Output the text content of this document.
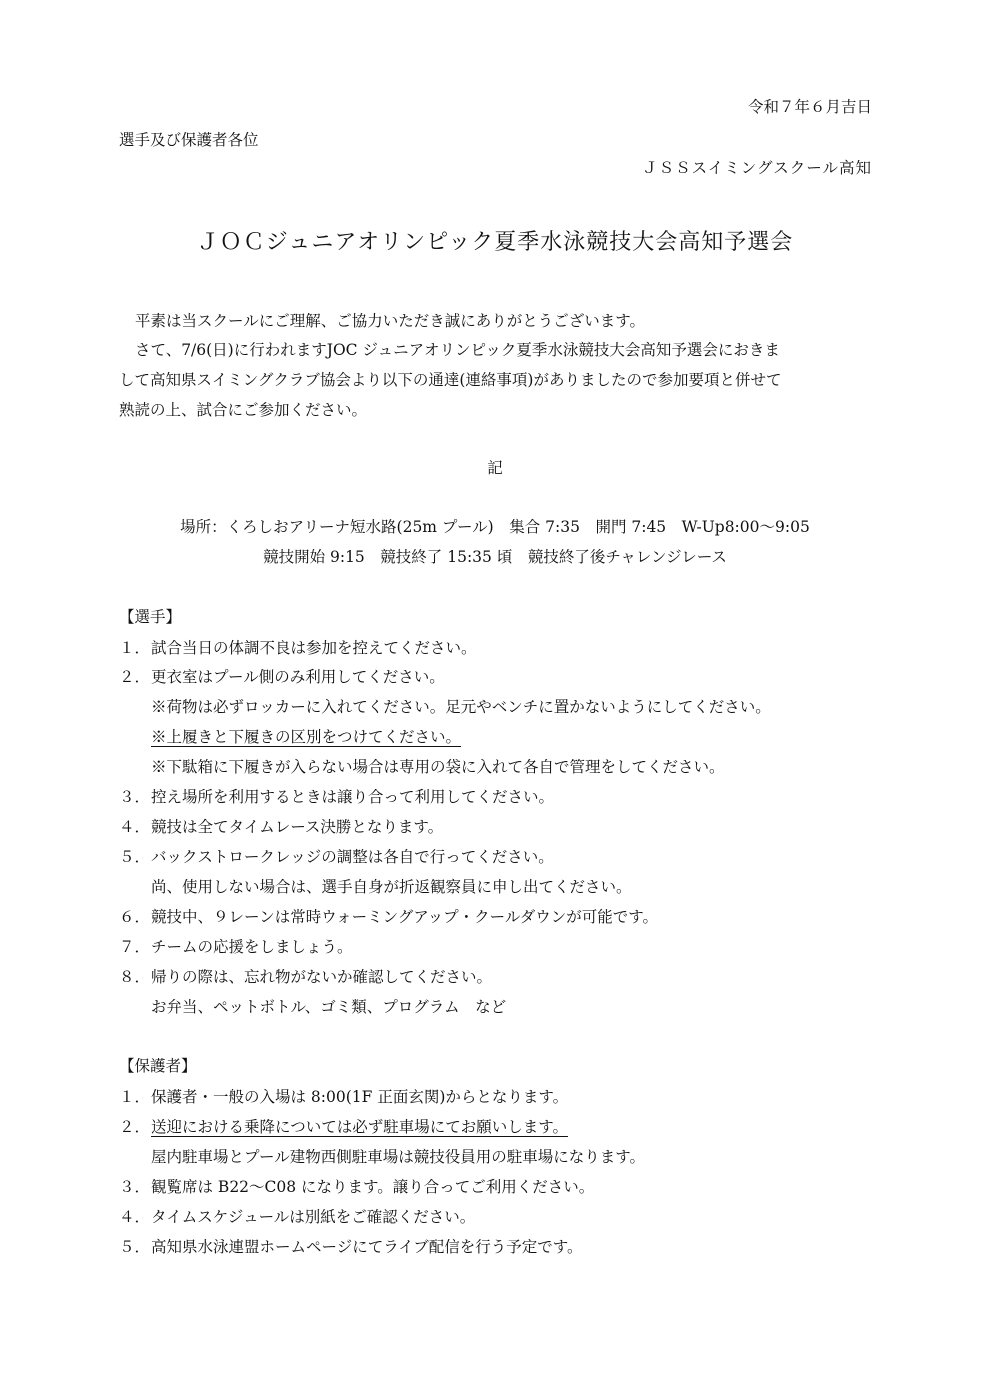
令和７年６月吉日
選手及び保護者各位
ＪＳＳスイミングスクール高知
ＪＯＣジュニアオリンピック夏季水泳競技大会高知予選会
平素は当スクールにご理解、ご協力いただき誠にありがとうございます。
さて、7/6(日)に行われますJOC ジュニアオリンピック夏季水泳競技大会高知予選会におきま
して高知県スイミングクラブ協会より以下の通達(連絡事項)がありましたので参加要項と併せて
熟読の上、試合にご参加ください。
記
場所：くろしおアリーナ短水路(25m プール)　集合 7:35　開門 7:45　W-Up8:00～9:05
競技開始 9:15　競技終了 15:35 頃　競技終了後チャレンジレース
【選手】
１．試合当日の体調不良は参加を控えてください。
２．更衣室はプール側のみ利用してください。
※荷物は必ずロッカーに入れてください。足元やベンチに置かないようにしてください。
※上履きと下履きの区別をつけてください。
※下駄箱に下履きが入らない場合は専用の袋に入れて各自で管理をしてください。
３．控え場所を利用するときは譲り合って利用してください。
４．競技は全てタイムレース決勝となります。
５．バックストロークレッジの調整は各自で行ってください。
尚、使用しない場合は、選手自身が折返観察員に申し出てください。
６．競技中、９レーンは常時ウォーミングアップ・クールダウンが可能です。
７．チームの応援をしましょう。
８．帰りの際は、忘れ物がないか確認してください。
お弁当、ペットボトル、ゴミ類、プログラム　など
【保護者】
１．保護者・一般の入場は 8:00(1F 正面玄関)からとなります。
２．送迎における乗降については必ず駐車場にてお願いします。
屋内駐車場とプール建物西側駐車場は競技役員用の駐車場になります。
３．観覧席は B22～C08 になります。譲り合ってご利用ください。
４．タイムスケジュールは別紙をご確認ください。
５．高知県水泳連盟ホームページにてライブ配信を行う予定です。
